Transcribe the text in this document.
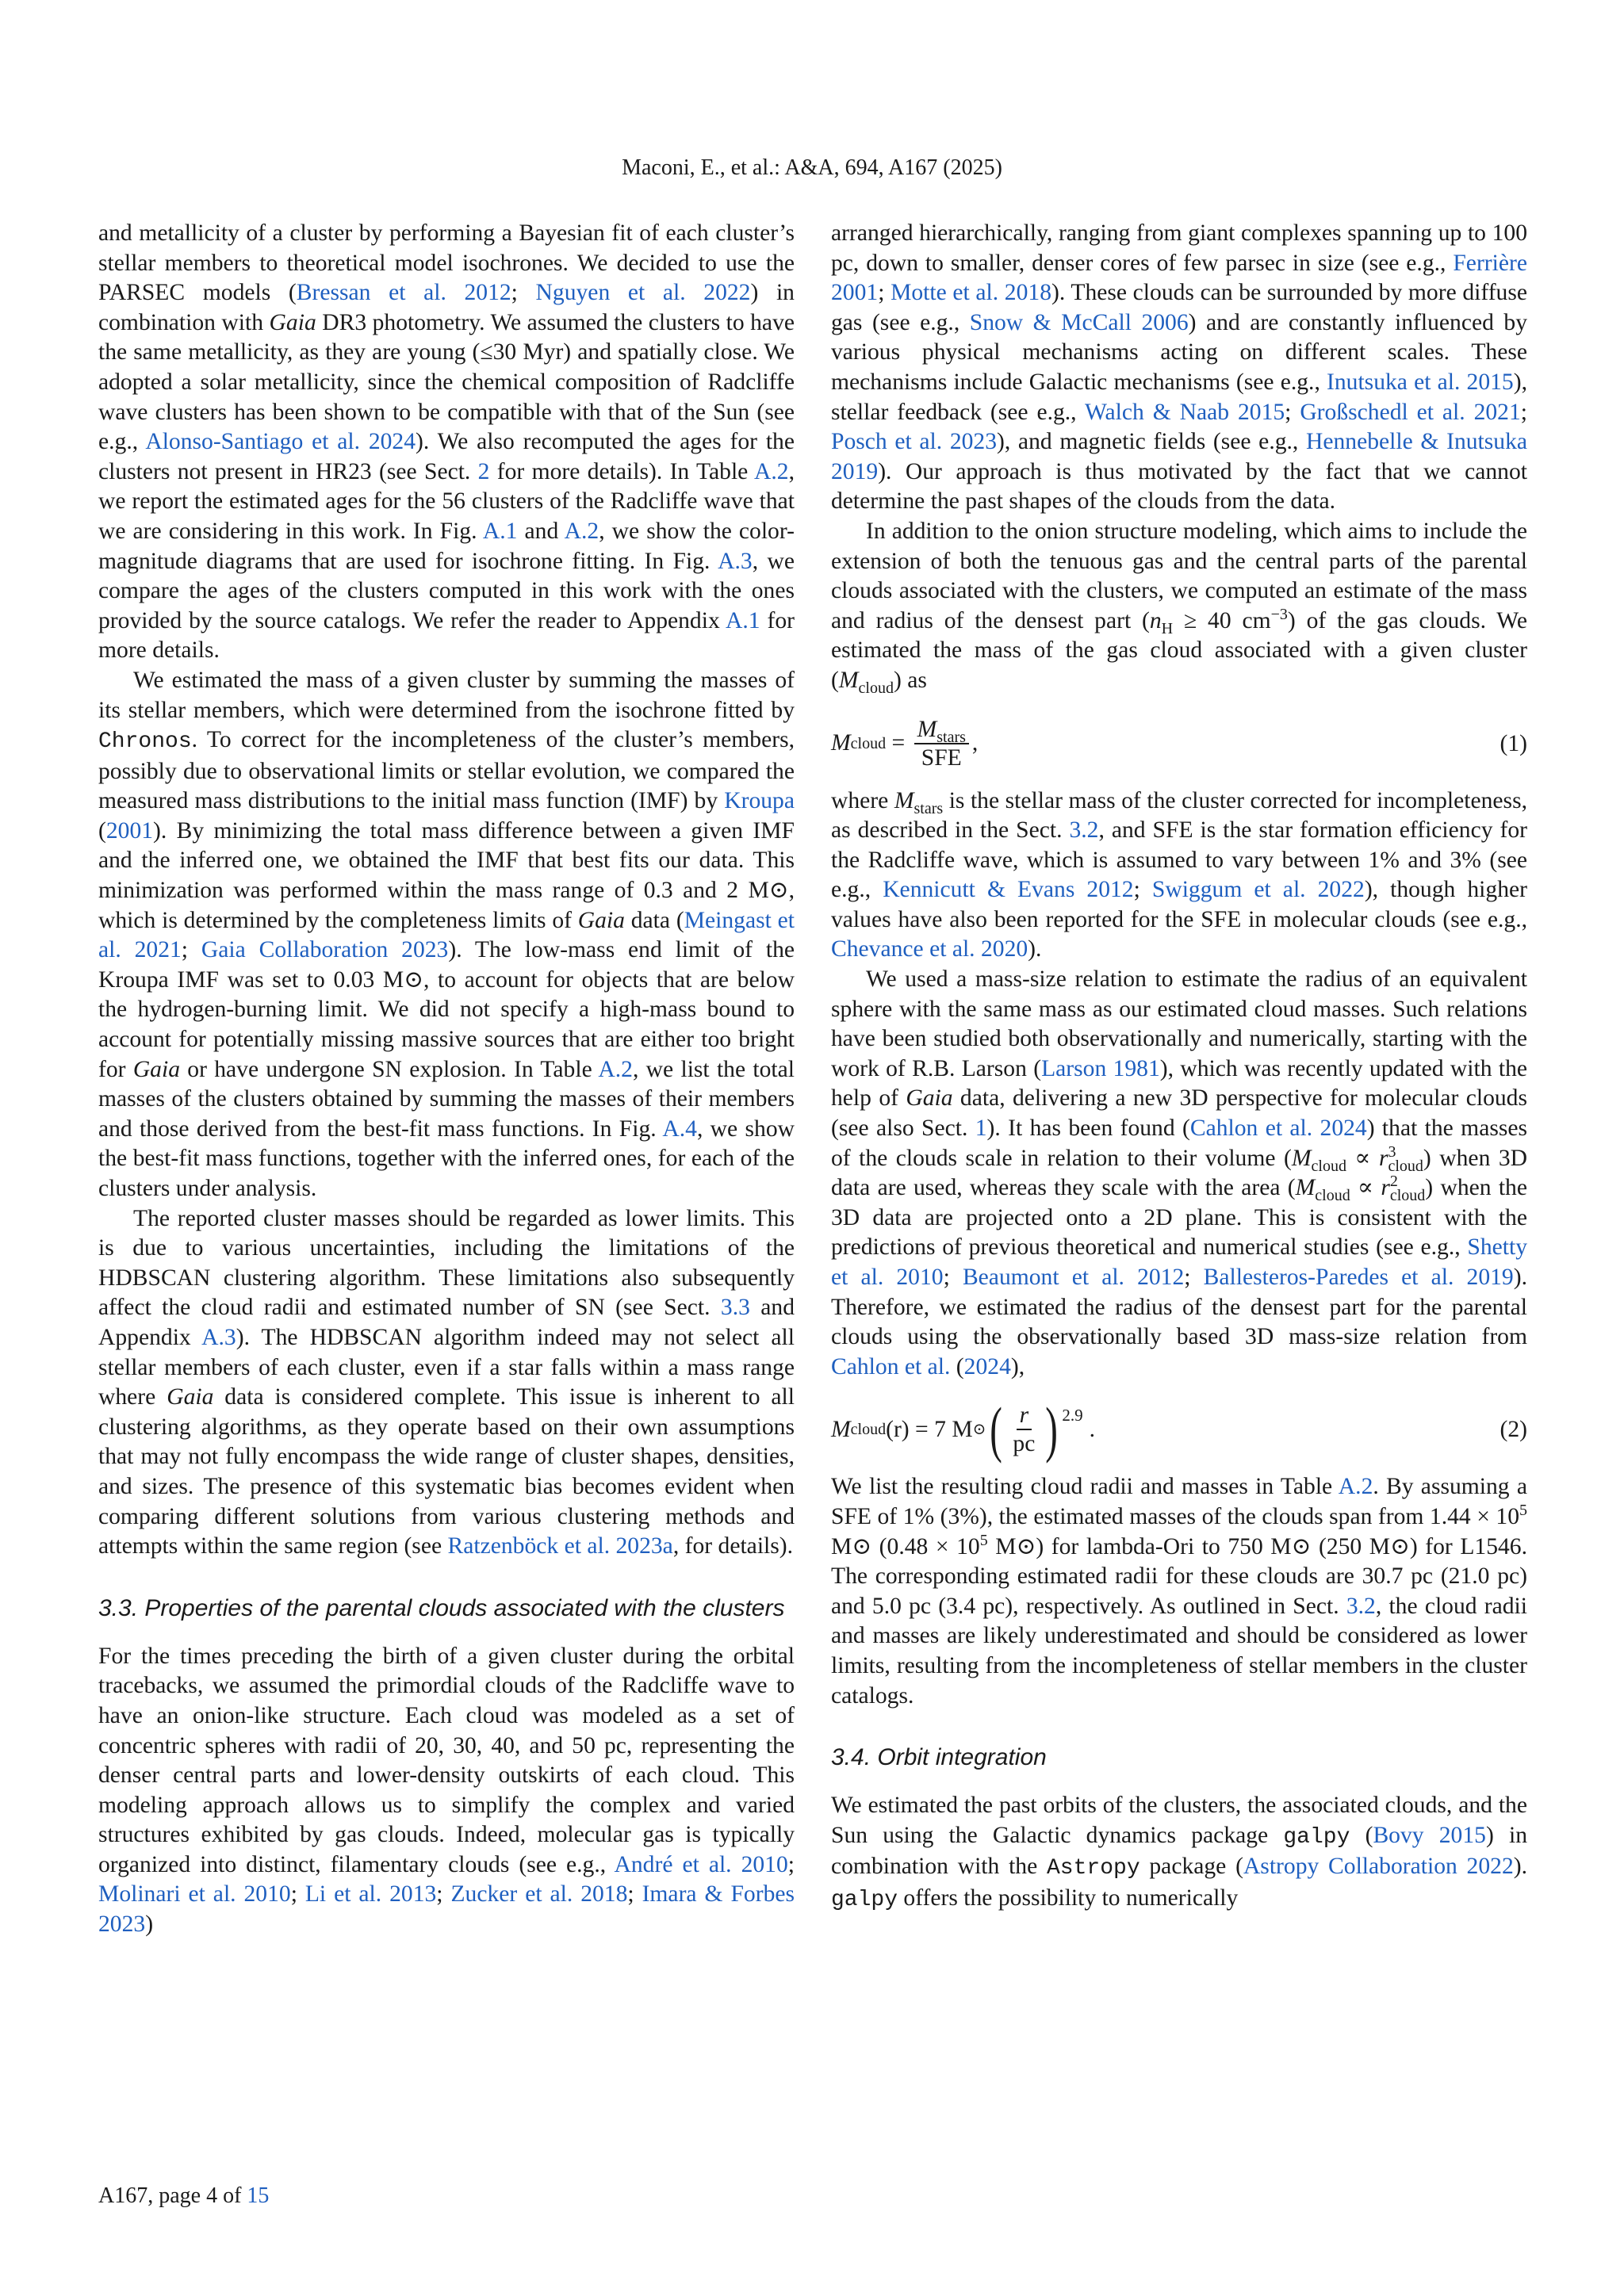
Maconi, E., et al.: A&A, 694, A167 (2025)

and metallicity of a cluster by performing a Bayesian fit of each cluster’s stellar members to theoretical model isochrones. We decided to use the PARSEC models (Bressan et al. 2012; Nguyen et al. 2022) in combination with Gaia DR3 photometry. We assumed the clusters to have the same metallicity, as they are young (≤30 Myr) and spatially close. We adopted a solar metallicity, since the chemical composition of Radcliffe wave clusters has been shown to be compatible with that of the Sun (see e.g., Alonso-Santiago et al. 2024). We also recomputed the ages for the clusters not present in HR23 (see Sect. 2 for more details). In Table A.2, we report the estimated ages for the 56 clusters of the Radcliffe wave that we are considering in this work. In Fig. A.1 and A.2, we show the color-magnitude diagrams that are used for isochrone fitting. In Fig. A.3, we compare the ages of the clusters computed in this work with the ones provided by the source catalogs. We refer the reader to Appendix A.1 for more details.

We estimated the mass of a given cluster by summing the masses of its stellar members, which were determined from the isochrone fitted by Chronos. To correct for the incompleteness of the cluster’s members, possibly due to observational limits or stellar evolution, we compared the measured mass distributions to the initial mass function (IMF) by Kroupa (2001). By minimizing the total mass difference between a given IMF and the inferred one, we obtained the IMF that best fits our data. This minimization was performed within the mass range of 0.3 and 2 M⊙, which is determined by the completeness limits of Gaia data (Meingast et al. 2021; Gaia Collaboration 2023). The low-mass end limit of the Kroupa IMF was set to 0.03 M⊙, to account for objects that are below the hydrogen-burning limit. We did not specify a high-mass bound to account for potentially missing massive sources that are either too bright for Gaia or have undergone SN explosion. In Table A.2, we list the total masses of the clusters obtained by summing the masses of their members and those derived from the best-fit mass functions. In Fig. A.4, we show the best-fit mass functions, together with the inferred ones, for each of the clusters under analysis.

The reported cluster masses should be regarded as lower limits. This is due to various uncertainties, including the limitations of the HDBSCAN clustering algorithm. These limitations also subsequently affect the cloud radii and estimated number of SN (see Sect. 3.3 and Appendix A.3). The HDBSCAN algorithm indeed may not select all stellar members of each cluster, even if a star falls within a mass range where Gaia data is considered complete. This issue is inherent to all clustering algorithms, as they operate based on their own assumptions that may not fully encompass the wide range of cluster shapes, densities, and sizes. The presence of this systematic bias becomes evident when comparing different solutions from various clustering methods and attempts within the same region (see Ratzenböck et al. 2023a, for details).

3.3. Properties of the parental clouds associated with the clusters

For the times preceding the birth of a given cluster during the orbital tracebacks, we assumed the primordial clouds of the Radcliffe wave to have an onion-like structure. Each cloud was modeled as a set of concentric spheres with radii of 20, 30, 40, and 50 pc, representing the denser central parts and lower-density outskirts of each cloud. This modeling approach allows us to simplify the complex and varied structures exhibited by gas clouds. Indeed, molecular gas is typically organized into distinct, filamentary clouds (see e.g., André et al. 2010; Molinari et al. 2010; Li et al. 2013; Zucker et al. 2018; Imara & Forbes 2023)

arranged hierarchically, ranging from giant complexes spanning up to 100 pc, down to smaller, denser cores of few parsec in size (see e.g., Ferrière 2001; Motte et al. 2018). These clouds can be surrounded by more diffuse gas (see e.g., Snow & McCall 2006) and are constantly influenced by various physical mechanisms acting on different scales. These mechanisms include Galactic mechanisms (see e.g., Inutsuka et al. 2015), stellar feedback (see e.g., Walch & Naab 2015; Großschedl et al. 2021; Posch et al. 2023), and magnetic fields (see e.g., Hennebelle & Inutsuka 2019). Our approach is thus motivated by the fact that we cannot determine the past shapes of the clouds from the data.

In addition to the onion structure modeling, which aims to include the extension of both the tenuous gas and the central parts of the parental clouds associated with the clusters, we computed an estimate of the mass and radius of the densest part ($n_H \ge 40$ $cm^{-3}$) of the gas clouds. We estimated the mass of the gas cloud associated with a given cluster $(M_{cloud})$ as

M cloud = $\frac{M_{stars}}{\text{SFE}}$ ,	(1)

where $M_{stars}$ is the stellar mass of the cluster corrected for incompleteness, as described in the Sect. 3.2, and SFE is the star formation efficiency for the Radcliffe wave, which is assumed to vary between 1% and 3% (see e.g., Kennicutt & Evans 2012; Swiggum et al. 2022), though higher values have also been reported for the SFE in molecular clouds (see e.g., Chevance et al. 2020).

We used a mass-size relation to estimate the radius of an equivalent sphere with the same mass as our estimated cloud masses. Such relations have been studied both observationally and numerically, starting with the work of R.B. Larson (Larson 1981), which was recently updated with the help of Gaia data, delivering a new 3D perspective for molecular clouds (see also Sect. 1). It has been found (Cahlon et al. 2024) that the masses of the clouds scale in relation to their volume $(M_{cloud} \propto r^3_{cloud})$ when 3D data are used, whereas they scale with the area $(M_{cloud} \propto r^2_{cloud})$ when the 3D data are projected onto a 2D plane. This is consistent with the predictions of previous theoretical and numerical studies (see e.g., Shetty et al. 2010; Beaumont et al. 2012; Ballesteros-Paredes et al. 2019). Therefore, we estimated the radius of the densest part for the parental clouds using the observationally based 3D mass-size relation from Cahlon et al. (2024),

M cloud (r) = 7 M ⊙ ( $\frac{r}{pc}$ ) 2.9
.	(2)

We list the resulting cloud radii and masses in Table A.2. By assuming a SFE of 1% (3%), the estimated masses of the clouds span from $1.44 \times 10^5$ M⊙ ($0.48 \times 10^5$ M⊙) for lambda-Ori to 750 M⊙ (250 M⊙) for L1546. The corresponding estimated radii for these clouds are 30.7 pc (21.0 pc) and 5.0 pc (3.4 pc), respectively. As outlined in Sect. 3.2, the cloud radii and masses are likely underestimated and should be considered as lower limits, resulting from the incompleteness of stellar members in the cluster catalogs.

3.4. Orbit integration

We estimated the past orbits of the clusters, the associated clouds, and the Sun using the Galactic dynamics package galpy (Bovy 2015) in combination with the Astropy package (Astropy Collaboration 2022). galpy offers the possibility to numerically

A167, page 4 of 15
